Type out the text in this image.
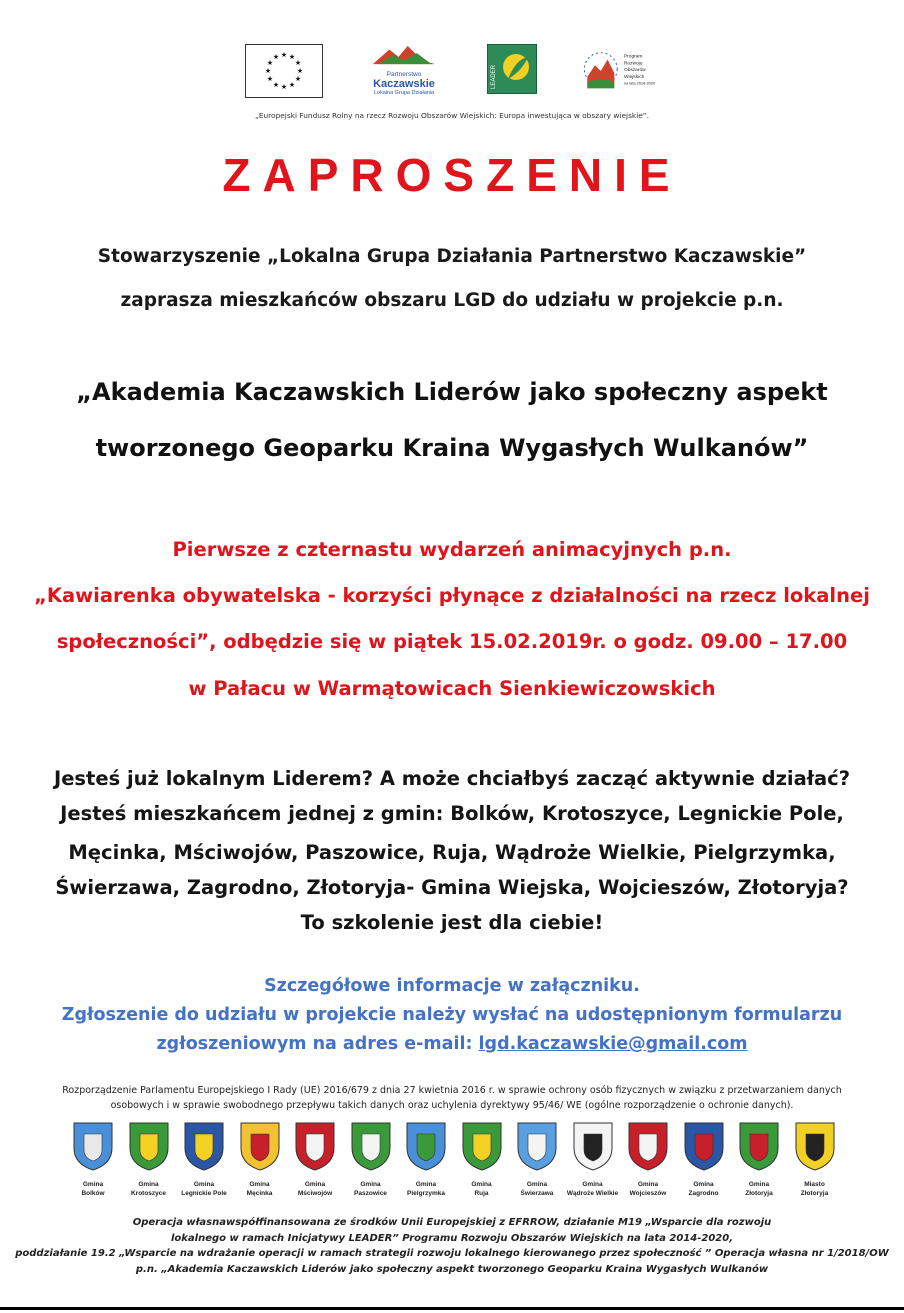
★ ★
★
★
★
★
★
★
★
★
★
★
Partnerstwo
Kaczawskie
Lokalna Grupa Działania
LEADER
Program
Rozwoju
Obszarów
Wiejskich
na lata 2014-2020
„Europejski Fundusz Rolny na rzecz Rozwoju Obszarów Wiejskich: Europa inwestująca w obszary wiejskie”.
ZAPROSZENIE
Stowarzyszenie „Lokalna Grupa Działania Partnerstwo Kaczawskie”
zaprasza mieszkańców obszaru LGD do udziału w projekcie p.n.
„Akademia Kaczawskich Liderów jako społeczny aspekt
tworzonego Geoparku Kraina Wygasłych Wulkanów”
Pierwsze z czternastu wydarzeń animacyjnych p.n.
„Kawiarenka obywatelska - korzyści płynące z działalności na rzecz lokalnej
społeczności”, odbędzie się w piątek 15.02.2019r. o godz. 09.00 – 17.00
w Pałacu w Warmątowicach Sienkiewiczowskich
Jesteś już lokalnym Liderem? A może chciałbyś zacząć aktywnie działać?
Jesteś mieszkańcem jednej z gmin: Bolków, Krotoszyce, Legnickie Pole,
Męcinka, Mściwojów, Paszowice, Ruja, Wądroże Wielkie, Pielgrzymka,
Świerzawa, Zagrodno, Złotoryja- Gmina Wiejska, Wojcieszów, Złotoryja?
To szkolenie jest dla ciebie!
Szczegółowe informacje w załączniku.
Zgłoszenie do udziału w projekcie należy wysłać na udostępnionym formularzu
zgłoszeniowym na adres e-mail: lgd.kaczawskie@gmail.com
Rozporządzenie Parlamentu Europejskiego I Rady (UE) 2016/679 z dnia 27 kwietnia 2016 r. w sprawie ochrony osób fizycznych w związku z przetwarzaniem danych
osobowych i w sprawie swobodnego przepływu takich danych oraz uchylenia dyrektywy 95/46/ WE (ogólne rozporządzenie o ochronie danych).
Gmina
Bolków
Gmina
Krotoszyce
Gmina
Legnickie Pole
Gmina
Męcinka
Gmina
Mściwojów
Gmina
Paszowice
Gmina
Pielgrzymka
Gmina
Ruja
Gmina
Świerzawa
Gmina
Wądroże Wielkie
Gmina
Wojcieszów
Gmina
Zagrodno
Gmina
Złotoryja
Miasto
Złotoryja
Operacja własnawspółfinansowana ze środków Unii Europejskiej z EFRROW, działanie M19 „Wsparcie dla rozwoju
lokalnego w ramach Inicjatywy LEADER” Programu Rozwoju Obszarów Wiejskich na lata 2014-2020,
poddziałanie 19.2 „Wsparcie na wdrażanie operacji w ramach strategii rozwoju lokalnego kierowanego przez społeczność ” Operacja własna nr 1/2018/OW
p.n. „Akademia Kaczawskich Liderów jako społeczny aspekt tworzonego Geoparku Kraina Wygasłych Wulkanów
